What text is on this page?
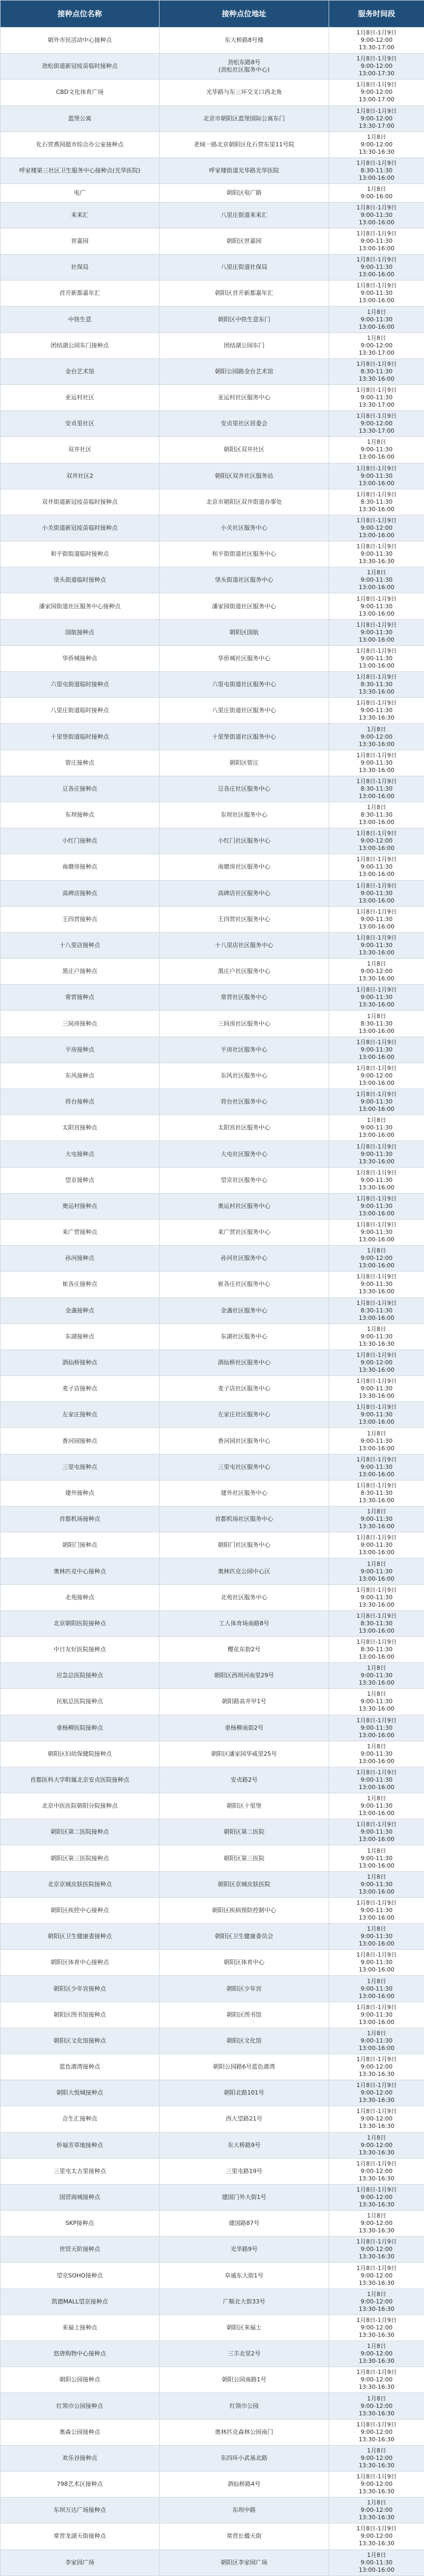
接种点位名称	接种点位地址	服务时间段
朝外市民活动中心接种点	东大桥路8号楼	1月8日-1月9日
9:00-12:00
13:30-17:00
劲松街道新冠疫苗临时接种点	劲松东路8号
(劲松社区服务中心)	1月8日-1月9日
9:00-12:00
13:00-17:30
CBD文化体育广场	光华路与东三环交叉口西北角	1月8日-1月9日
9:00-12:00
13:00-17:00
蓝堡公寓	北京市朝阳区蓝堡国际公寓东门	1月8日-1月9日
9:00-12:00
13:30-17:00
化石营燕园超市综合办公室接种点	老域一路北京朝阳区化石营东里11号院	1月8日
9:00-12:00
13:30-16:30
呼家楼第三社区卫生服务中心接种点(光华医院)	呼家楼街道光华路光华医院	1月8日-1月9日
8:30-11:30
13:00-16:00
电广	朝阳区电广路	1月8日
9:00-16:00
来来汇	八里庄街道来来汇	1月8日-1月9日
9:00-11:30
13:00-16:00
世嘉园	朝阳区世嘉园	1月8日-1月9日
9:00-11:30
13:00-16:00
社保局	八里庄街道社保局	1月8日-1月9日
9:00-11:30
13:00-16:00
首开新都嘉年汇	朝阳区首开新都嘉年汇	1月8日-1月9日
9:00-11:30
13:00-16:00
中铁生意	朝阳区中铁生意东门	1月8日
9:00-11:30
13:00-16:00
团结湖公园东门接种点	团结湖公园东门	1月8日
9:00-12:00
13:30-17:00
金台艺术馆	朝阳公园路金台艺术馆	1月8日-1月9日
8:30-11:30
13:30-16:00
亚运村社区	亚运村社区服务中心	1月8日-1月9日
9:00-11:30
13:30-17:00
安贞里社区	安贞里社区居委会	1月8日-1月9日
9:00-12:00
13:30-17:00
双井社区	朝阳区双井社区	1月8日
9:00-11:30
13:00-16:00
双井社区2	朝阳区双井社区服务站	1月8日-1月9日
9:00-11:30
13:00-16:00
双井街道新冠疫苗临时接种点	北京市朝阳区双井街道办事处	1月8日-1月9日
8:30-11:30
13:30-16:00
小关街道新冠疫苗临时接种点	小关社区服务中心	1月8日-1月9日
9:00-12:00
13:00-16:00
和平街街道临时接种点	和平街街道社区服务中心	1月8日-1月9日
9:00-11:30
13:30-16:30
垡头街道临时接种点	垡头街道社区服务中心	1月8日
9:00-11:30
13:00-16:00
潘家园街道社区服务中心接种点	潘家园街道社区服务中心	1月8日-1月9日
9:00-11:30
13:00-16:00
国航接种点	朝阳区国航	1月8日-1月9日
9:00-11:30
13:00-16:00
华侨城接种点	华侨城社区服务中心	1月8日-1月9日
9:00-11:30
13:00-16:00
六里屯街道临时接种点	六里屯街道社区服务中心	1月8日-1月9日
8:30-11:30
13:30-16:00
八里庄街道临时接种点	八里庄街道社区服务中心	1月8日-1月9日
9:00-11:30
13:30-16:30
十里堡街道临时接种点	十里堡街道社区服务中心	1月8日
9:00-12:00
13:30-16:00
管庄接种点	朝阳区管庄	1月8日-1月9日
9:00-11:30
13:30-16:00
豆各庄接种点	豆各庄社区服务中心	1月8日-1月9日
8:30-11:30
13:00-16:00
东坝接种点	东坝社区服务中心	1月8日
8:30-11:30
13:00-16:00
小红门接种点	小红门社区服务中心	1月8日-1月9日
9:00-12:00
13:00-16:00
南磨房接种点	南磨房社区服务中心	1月8日-1月9日
9:00-11:30
13:00-16:00
高碑店接种点	高碑店社区服务中心	1月8日-1月9日
9:00-11:30
13:00-16:00
王四营接种点	王四营社区服务中心	1月8日-1月9日
9:00-11:30
13:00-16:00
十八里店接种点	十八里店社区服务中心	1月8日-1月9日
9:00-11:30
13:30-16:00
黑庄户接种点	黑庄户社区服务中心	1月8日
9:00-12:00
13:30-16:00
常营接种点	常营社区服务中心	1月8日-1月9日
9:00-11:30
13:30-16:00
三间房接种点	三间房社区服务中心	1月8日
8:30-11:30
13:00-16:00
平房接种点	平房社区服务中心	1月8日-1月9日
9:00-11:30
13:00-16:00
东风接种点	东风社区服务中心	1月8日-1月9日
9:00-12:00
13:00-16:00
将台接种点	将台社区服务中心	1月8日-1月9日
9:00-11:30
13:00-16:00
太阳宫接种点	太阳宫社区服务中心	1月8日
9:00-11:30
13:00-16:00
大屯接种点	大屯社区服务中心	1月8日-1月9日
9:00-11:30
13:30-16:00
望京接种点	望京社区服务中心	1月8日-1月9日
9:00-11:30
13:30-16:00
奥运村接种点	奥运村社区服务中心	1月8日-1月9日
9:00-11:30
13:00-16:00
来广营接种点	来广营社区服务中心	1月8日-1月9日
9:00-11:30
13:00-16:00
孙河接种点	孙河社区服务中心	1月8日
9:00-12:00
13:00-16:00
崔各庄接种点	崔各庄社区服务中心	1月8日-1月9日
9:00-11:30
13:30-16:00
金盏接种点	金盏社区服务中心	1月8日-1月9日
8:30-11:30
13:00-16:00
东湖接种点	东湖社区服务中心	1月8日
9:00-11:30
13:30-16:30
酒仙桥接种点	酒仙桥社区服务中心	1月8日-1月9日
9:00-12:00
13:30-16:00
麦子店接种点	麦子店社区服务中心	1月8日-1月9日
9:00-11:30
13:30-16:00
左家庄接种点	左家庄社区服务中心	1月8日-1月9日
9:00-11:30
13:00-16:00
香河园接种点	香河园社区服务中心	1月8日
9:00-11:30
13:00-16:00
三里屯接种点	三里屯社区服务中心	1月8日-1月9日
9:00-11:30
13:00-16:00
建外接种点	建外社区服务中心	1月8日-1月9日
8:30-11:30
13:30-16:00
首都机场接种点	首都机场社区服务中心	1月8日
9:00-11:30
13:30-16:00
朝阳门接种点	朝阳门社区服务中心	1月8日-1月9日
9:00-11:30
13:00-16:00
奥林匹克中心接种点	奥林匹克公园中心区	1月8日
9:00-11:30
13:00-16:00
北苑接种点	北苑社区服务中心	1月8日-1月9日
9:00-11:30
13:30-16:00
北京朝阳医院接种点	工人体育场南路8号	1月8日-1月9日
8:30-11:30
13:00-16:00
中日友好医院接种点	樱花东街2号	1月8日-1月9日
8:30-11:30
13:00-16:00
应急总医院接种点	朝阳区西坝河南里29号	1月8日
9:00-11:30
13:30-16:00
民航总医院接种点	朝阳路高井甲1号	1月8日
9:00-11:30
13:30-16:00
垂杨柳医院接种点	垂杨柳南街2号	1月8日-1月9日
9:00-11:30
13:00-16:00
朝阳区妇幼保健院接种点	朝阳区潘家园华威里25号	1月8日
9:00-11:30
13:00-16:00
首都医科大学附属北京安贞医院接种点	安贞路2号	1月8日-1月9日
9:00-11:30
13:00-16:00
北京中医医院朝阳分院接种点	朝阳区十里堡	1月8日
9:00-11:30
13:00-16:00
朝阳区第二医院接种点	朝阳区第二医院	1月8日-1月9日
9:00-11:30
13:00-16:00
朝阳区第三医院接种点	朝阳区第三医院	1月8日
9:00-11:30
13:00-16:00
北京京城皮肤医院接种点	朝阳区京城皮肤医院	1月8日
9:00-11:30
13:00-16:00
朝阳区疾控中心接种点	朝阳区疾病预防控制中心	1月8日-1月9日
9:00-11:30
13:00-16:00
朝阳区卫生健康委接种点	朝阳区卫生健康委员会	1月8日
9:00-11:30
13:00-16:00
朝阳区体育中心接种点	朝阳区体育中心	1月8日-1月9日
9:00-11:30
13:00-16:00
朝阳区少年宫接种点	朝阳区少年宫	1月8日
9:00-11:30
13:00-16:00
朝阳区图书馆接种点	朝阳区图书馆	1月8日-1月9日
9:00-11:30
13:00-16:00
朝阳区文化馆接种点	朝阳区文化馆	1月8日
9:00-11:30
13:00-16:00
蓝色港湾接种点	朝阳公园路6号蓝色港湾	1月8日-1月9日
9:00-12:00
13:30-16:30
朝阳大悦城接种点	朝阳北路101号	1月8日-1月9日
9:00-12:00
13:30-16:30
合生汇接种点	西大望路21号	1月8日-1月9日
9:00-12:00
13:30-16:30
侨福芳草地接种点	东大桥路9号	1月8日
9:00-12:00
13:30-16:30
三里屯太古里接种点	三里屯路19号	1月8日-1月9日
9:00-12:00
13:30-16:30
国贸商城接种点	建国门外大街1号	1月8日-1月9日
9:00-12:00
13:30-16:30
SKP接种点	建国路87号	1月8日
9:00-12:00
13:30-16:30
世贸天阶接种点	光华路9号	1月8日-1月9日
9:00-12:00
13:30-16:30
望京SOHO接种点	阜通东大街1号	1月8日-1月9日
9:00-12:00
13:30-16:30
凯德MALL望京接种点	广顺北大街33号	1月8日
9:00-12:00
13:30-16:30
来福士接种点	朝阳区来福士	1月8日-1月9日
9:00-12:00
13:30-16:30
悠唐购物中心接种点	三丰北里2号	1月8日
9:00-12:00
13:30-16:30
朝阳公园接种点	朝阳公园南路1号	1月8日-1月9日
9:00-12:00
13:30-16:30
红领巾公园接种点	红领巾公园	1月8日
9:00-12:00
13:30-16:30
奥森公园接种点	奥林匹克森林公园南门	1月8日-1月9日
9:00-12:00
13:30-16:30
欢乐谷接种点	东四环小武基北路	1月8日
9:00-12:00
13:30-16:30
798艺术区接种点	酒仙桥路4号	1月8日-1月9日
9:00-12:00
13:30-16:30
东坝万达广场接种点	东坝中路	1月8日
9:00-12:00
13:30-16:30
常营龙湖天街接种点	常营长楹天街	1月8日-1月9日
9:00-12:00
13:30-16:30
李家园广场	朝阳区李家园广场	1月8日
9:00-11:30
13:00-16:00
